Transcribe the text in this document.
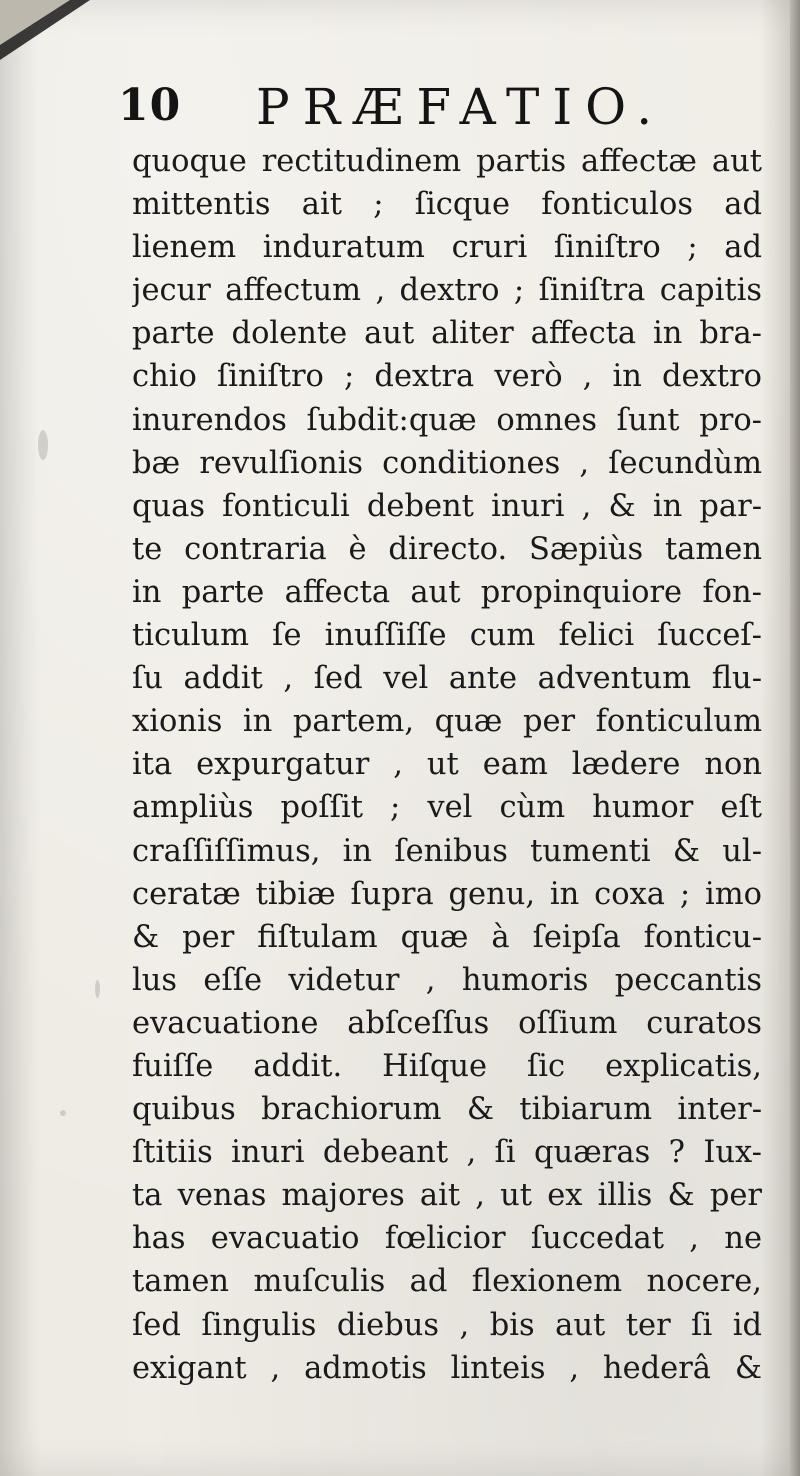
10 PRÆFATIO.
quoque rectitudinem partis affectæ aut
mittentis ait ; ſicque fonticulos ad
lienem induratum cruri ſiniſtro ; ad
jecur affectum , dextro ; ſiniſtra capitis
parte dolente aut aliter affecta in bra-
chio ſiniſtro ; dextra verò , in dextro
inurendos ſubdit:quæ omnes ſunt pro-
bæ revulſionis conditiones , ſecundùm
quas fonticuli debent inuri , & in par-
te contraria è directo. Sæpiùs tamen
in parte affecta aut propinquiore fon-
ticulum ſe inuſſiſſe cum felici ſucceſ-
ſu addit , ſed vel ante adventum flu-
xionis in partem, quæ per fonticulum
ita expurgatur , ut eam lædere non
ampliùs poſſit ; vel cùm humor eſt
craſſiſſimus, in ſenibus tumenti & ul-
ceratæ tibiæ ſupra genu, in coxa ; imo
& per fiſtulam quæ à ſeipſa fonticu-
lus eſſe videtur , humoris peccantis
evacuatione abſceſſus oſſium curatos
fuiſſe addit. Hiſque ſic explicatis,
quibus brachiorum & tibiarum inter-
ſtitiis inuri debeant , ſi quæras ? Iux-
ta venas majores ait , ut ex illis & per
has evacuatio fœlicior ſuccedat , ne
tamen muſculis ad flexionem nocere,
ſed ſingulis diebus , bis aut ter ſi id
exigant , admotis linteis , hederâ &
